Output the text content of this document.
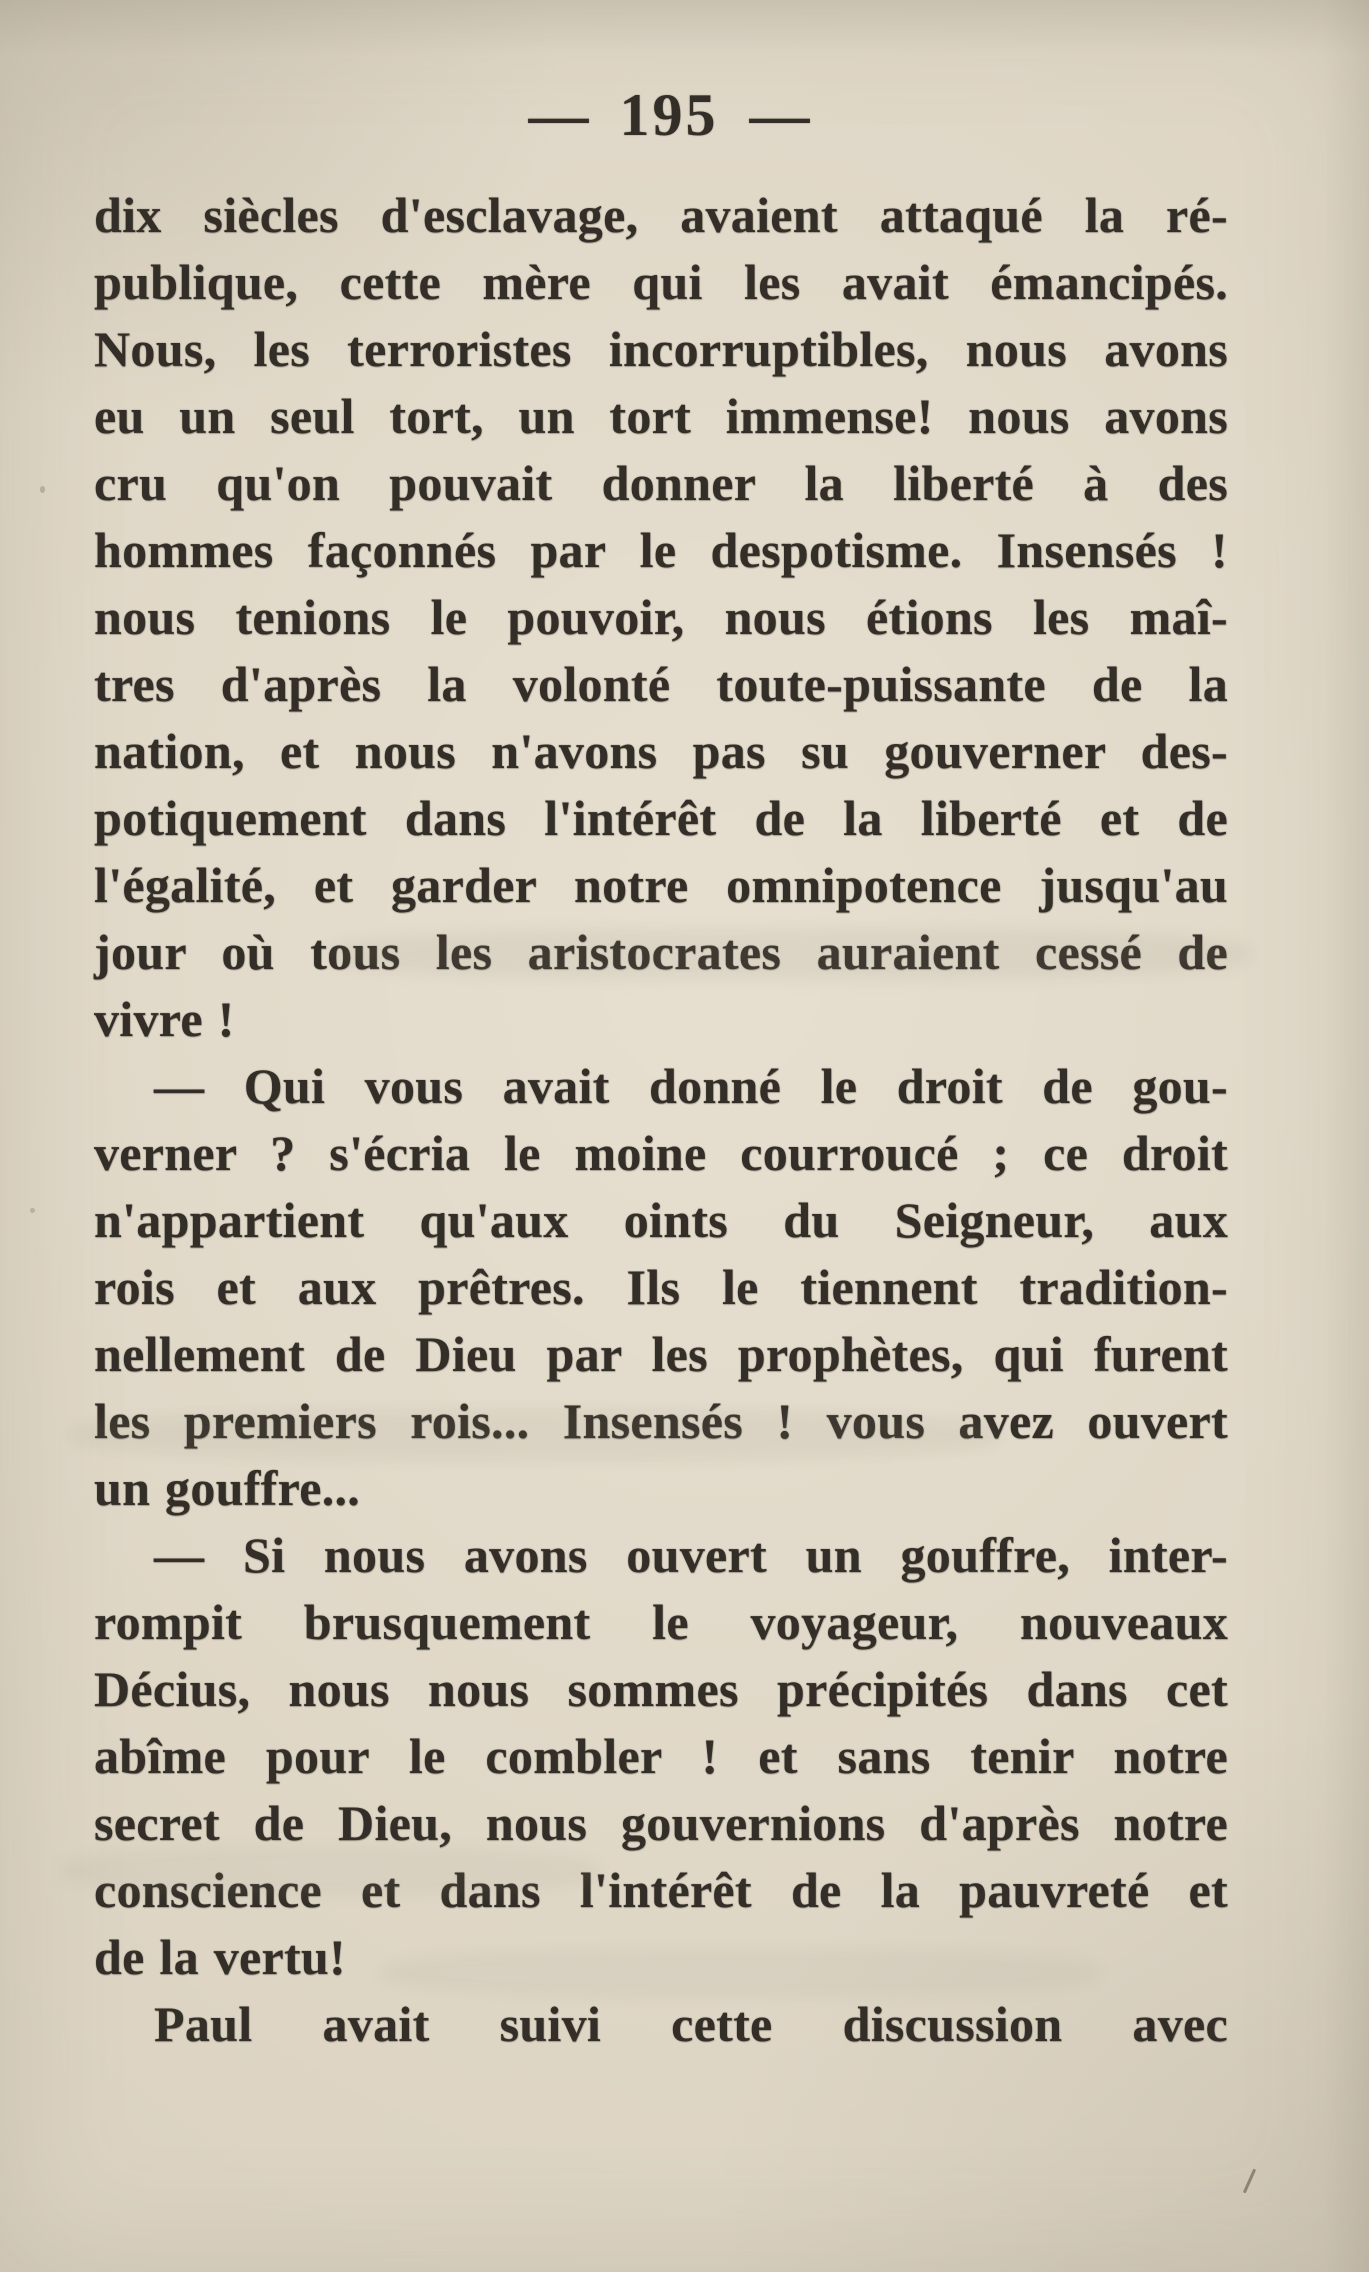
— 195 —
dix siècles d'esclavage, avaient attaqué la ré-
publique, cette mère qui les avait émancipés.
Nous, les terroristes incorruptibles, nous avons
eu un seul tort, un tort immense! nous avons
cru qu'on pouvait donner la liberté à des
hommes façonnés par le despotisme. Insensés !
nous tenions le pouvoir, nous étions les maî-
tres d'après la volonté toute-puissante de la
nation, et nous n'avons pas su gouverner des-
potiquement dans l'intérêt de la liberté et de
l'égalité, et garder notre omnipotence jusqu'au
jour où tous les aristocrates auraient cessé de
vivre !
— Qui vous avait donné le droit de gou-
verner ? s'écria le moine courroucé ; ce droit
n'appartient qu'aux oints du Seigneur, aux
rois et aux prêtres. Ils le tiennent tradition-
nellement de Dieu par les prophètes, qui furent
les premiers rois... Insensés ! vous avez ouvert
un gouffre...
— Si nous avons ouvert un gouffre, inter-
rompit brusquement le voyageur, nouveaux
Décius, nous nous sommes précipités dans cet
abîme pour le combler ! et sans tenir notre
secret de Dieu, nous gouvernions d'après notre
conscience et dans l'intérêt de la pauvreté et
de la vertu!
Paul avait suivi cette discussion avec
